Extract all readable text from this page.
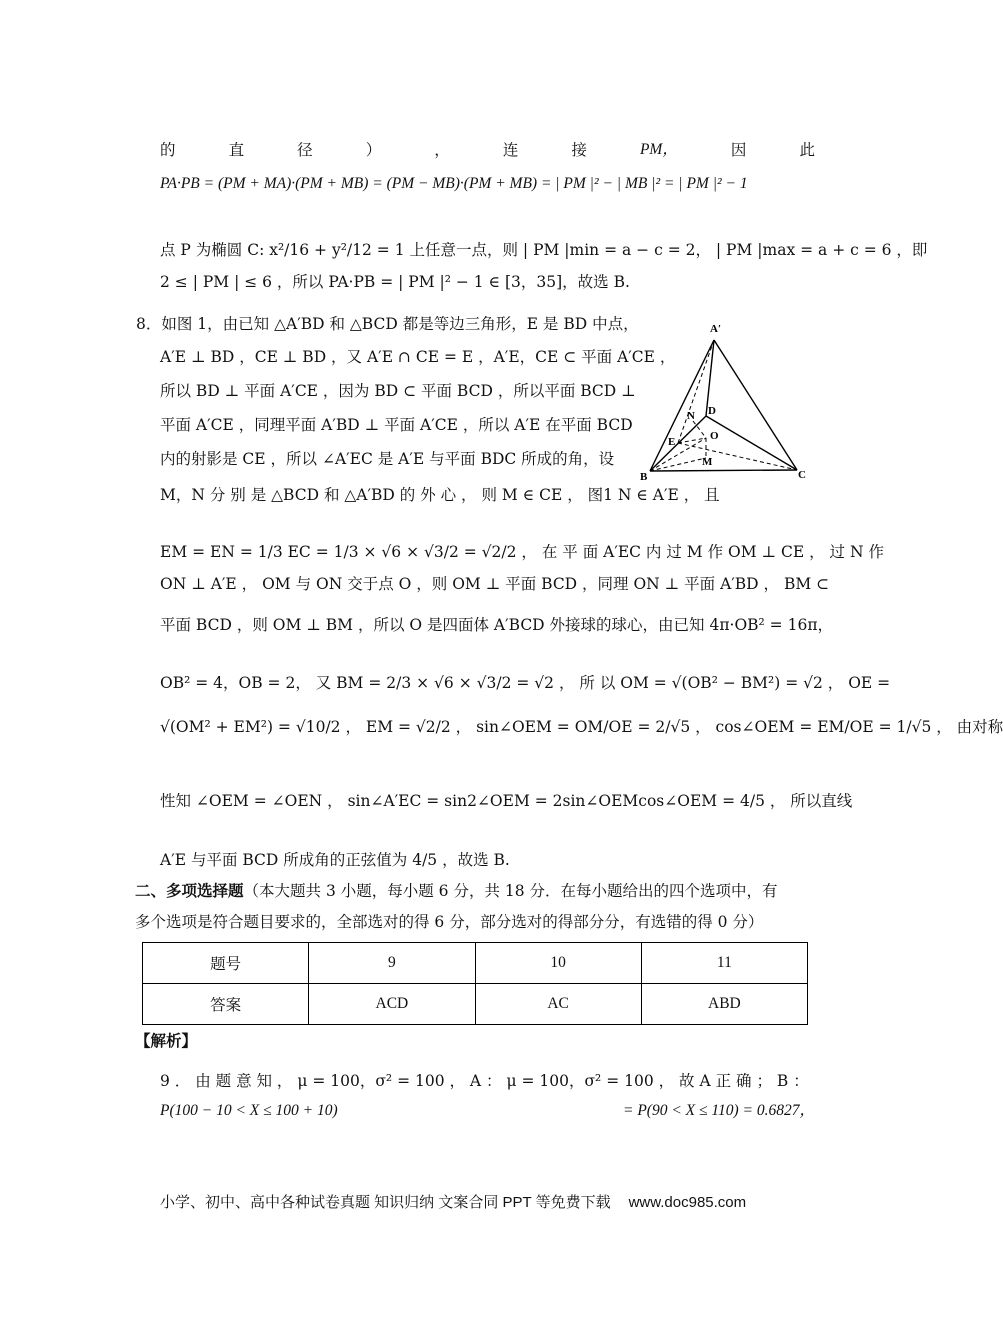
的	直	径	）	，	连	接	PM，	因	此
PA·PB = (PM + MA)·(PM + MB) = (PM − MB)·(PM + MB) = | PM |² − | MB |² = | PM |² − 1
点 P 为椭圆 C: x²/16 + y²/12 = 1 上任意一点，则 | PM |min = a − c = 2， | PM |max = a + c = 6 ，即
2 ≤ | PM | ≤ 6 ，所以 PA·PB = | PM |² − 1 ∈ [3，35]，故选 B.
8．如图 1，由已知 △A′BD 和 △BCD 都是等边三角形，E 是 BD 中点，
A′E ⊥ BD ，CE ⊥ BD ，又 A′E ∩ CE = E ，A′E，CE ⊂ 平面 A′CE ，
所以 BD ⊥ 平面 A′CE ，因为 BD ⊂ 平面 BCD ，所以平面 BCD ⊥
平面 A′CE ，同理平面 A′BD ⊥ 平面 A′CE ，所以 A′E 在平面 BCD
内的射影是 CE ，所以 ∠A′EC 是 A′E 与平面 BDC 所成的角，设
M，N 分 别 是 △BCD 和 △A′BD 的 外 心 ， 则 M ∈ CE ， 图1 N ∈ A′E ， 且
EM = EN = 1/3 EC = 1/3 × √6 × √3/2 = √2/2 ， 在 平 面 A′EC 内 过 M 作 OM ⊥ CE ， 过 N 作
ON ⊥ A′E ， OM 与 ON 交于点 O ，则 OM ⊥ 平面 BCD ，同理 ON ⊥ 平面 A′BD ， BM ⊂
平面 BCD ，则 OM ⊥ BM ，所以 O 是四面体 A′BCD 外接球的球心，由已知 4π·OB² = 16π，
OB² = 4，OB = 2， 又 BM = 2/3 × √6 × √3/2 = √2 ， 所 以 OM = √(OB² − BM²) = √2 ， OE =
√(OM² + EM²) = √10/2 ， EM = √2/2 ， sin∠OEM = OM/OE = 2/√5 ， cos∠OEM = EM/OE = 1/√5 ， 由对称
性知 ∠OEM = ∠OEN ， sin∠A′EC = sin2∠OEM = 2sin∠OEMcos∠OEM = 4/5 ， 所以直线
A′E 与平面 BCD 所成角的正弦值为 4/5 ，故选 B.
A′
B	C
D
E
N
O
M
二、多项选择题（本大题共 3 小题，每小题 6 分，共 18 分．在每小题给出的四个选项中，有
多个选项是符合题目要求的，全部选对的得 6 分，部分选对的得部分分，有选错的得 0 分）
题号	9	10	11
答案	ACD	AC	ABD
【解析】
9 ． 由 题 意 知 ， μ = 100，σ² = 100 ， A ： μ = 100，σ² = 100 ， 故 A 正 确 ； B ：
P(100 − 10 < X ≤ 100 + 10)	= P(90 < X ≤ 110) = 0.6827，
小学、初中、高中各种试卷真题 知识归纳 文案合同 PPT 等免费下载 www.doc985.com
